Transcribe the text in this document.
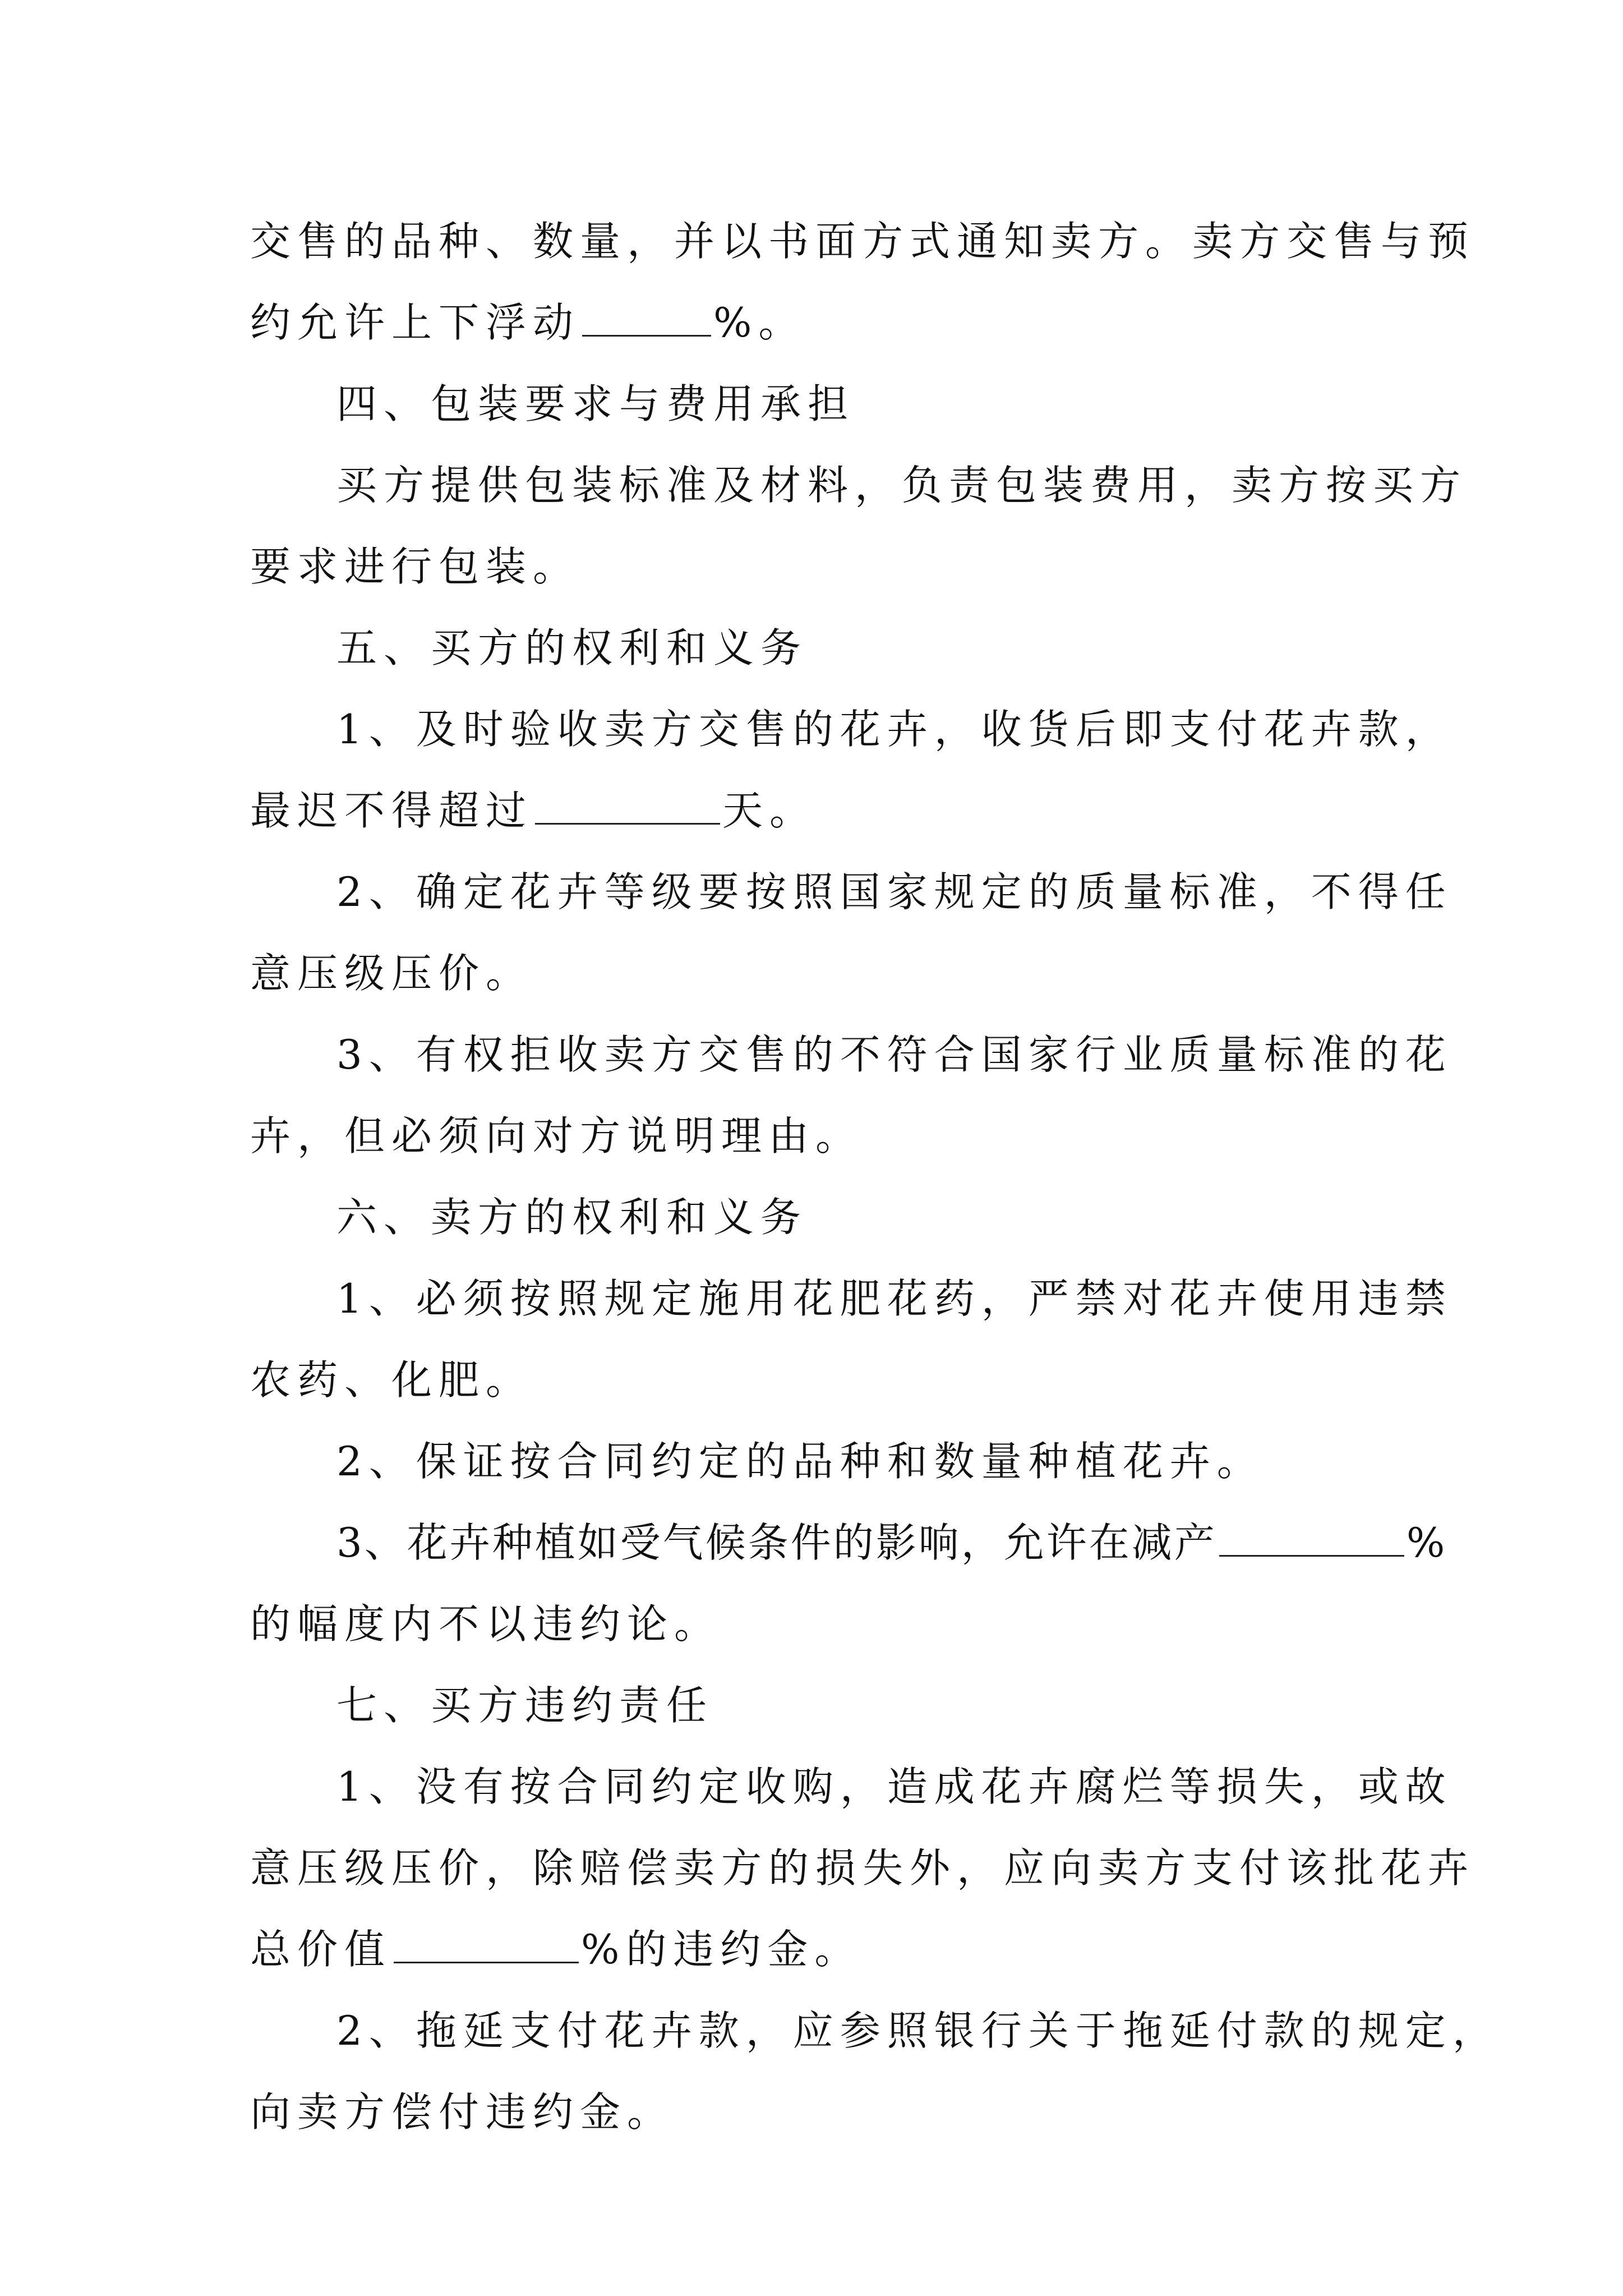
交售的品种、数量，并以书面方式通知卖方。卖方交售与预
约允许上下浮动	%。
四、包装要求与费用承担
买方提供包装标准及材料，负责包装费用，卖方按买方
要求进行包装。
五、买方的权利和义务
1、及时验收卖方交售的花卉，收货后即支付花卉款，
最迟不得超过	天。
2、确定花卉等级要按照国家规定的质量标准，不得任
意压级压价。
3、有权拒收卖方交售的不符合国家行业质量标准的花
卉，但必须向对方说明理由。
六、卖方的权利和义务
1、必须按照规定施用花肥花药，严禁对花卉使用违禁
农药、化肥。
2、保证按合同约定的品种和数量种植花卉。
3、花卉种植如受气候条件的影响，允许在减产	%
的幅度内不以违约论。
七、买方违约责任
1、没有按合同约定收购，造成花卉腐烂等损失，或故
意压级压价，除赔偿卖方的损失外，应向卖方支付该批花卉
总价值	%的违约金。
2、拖延支付花卉款，应参照银行关于拖延付款的规定，
向卖方偿付违约金。
